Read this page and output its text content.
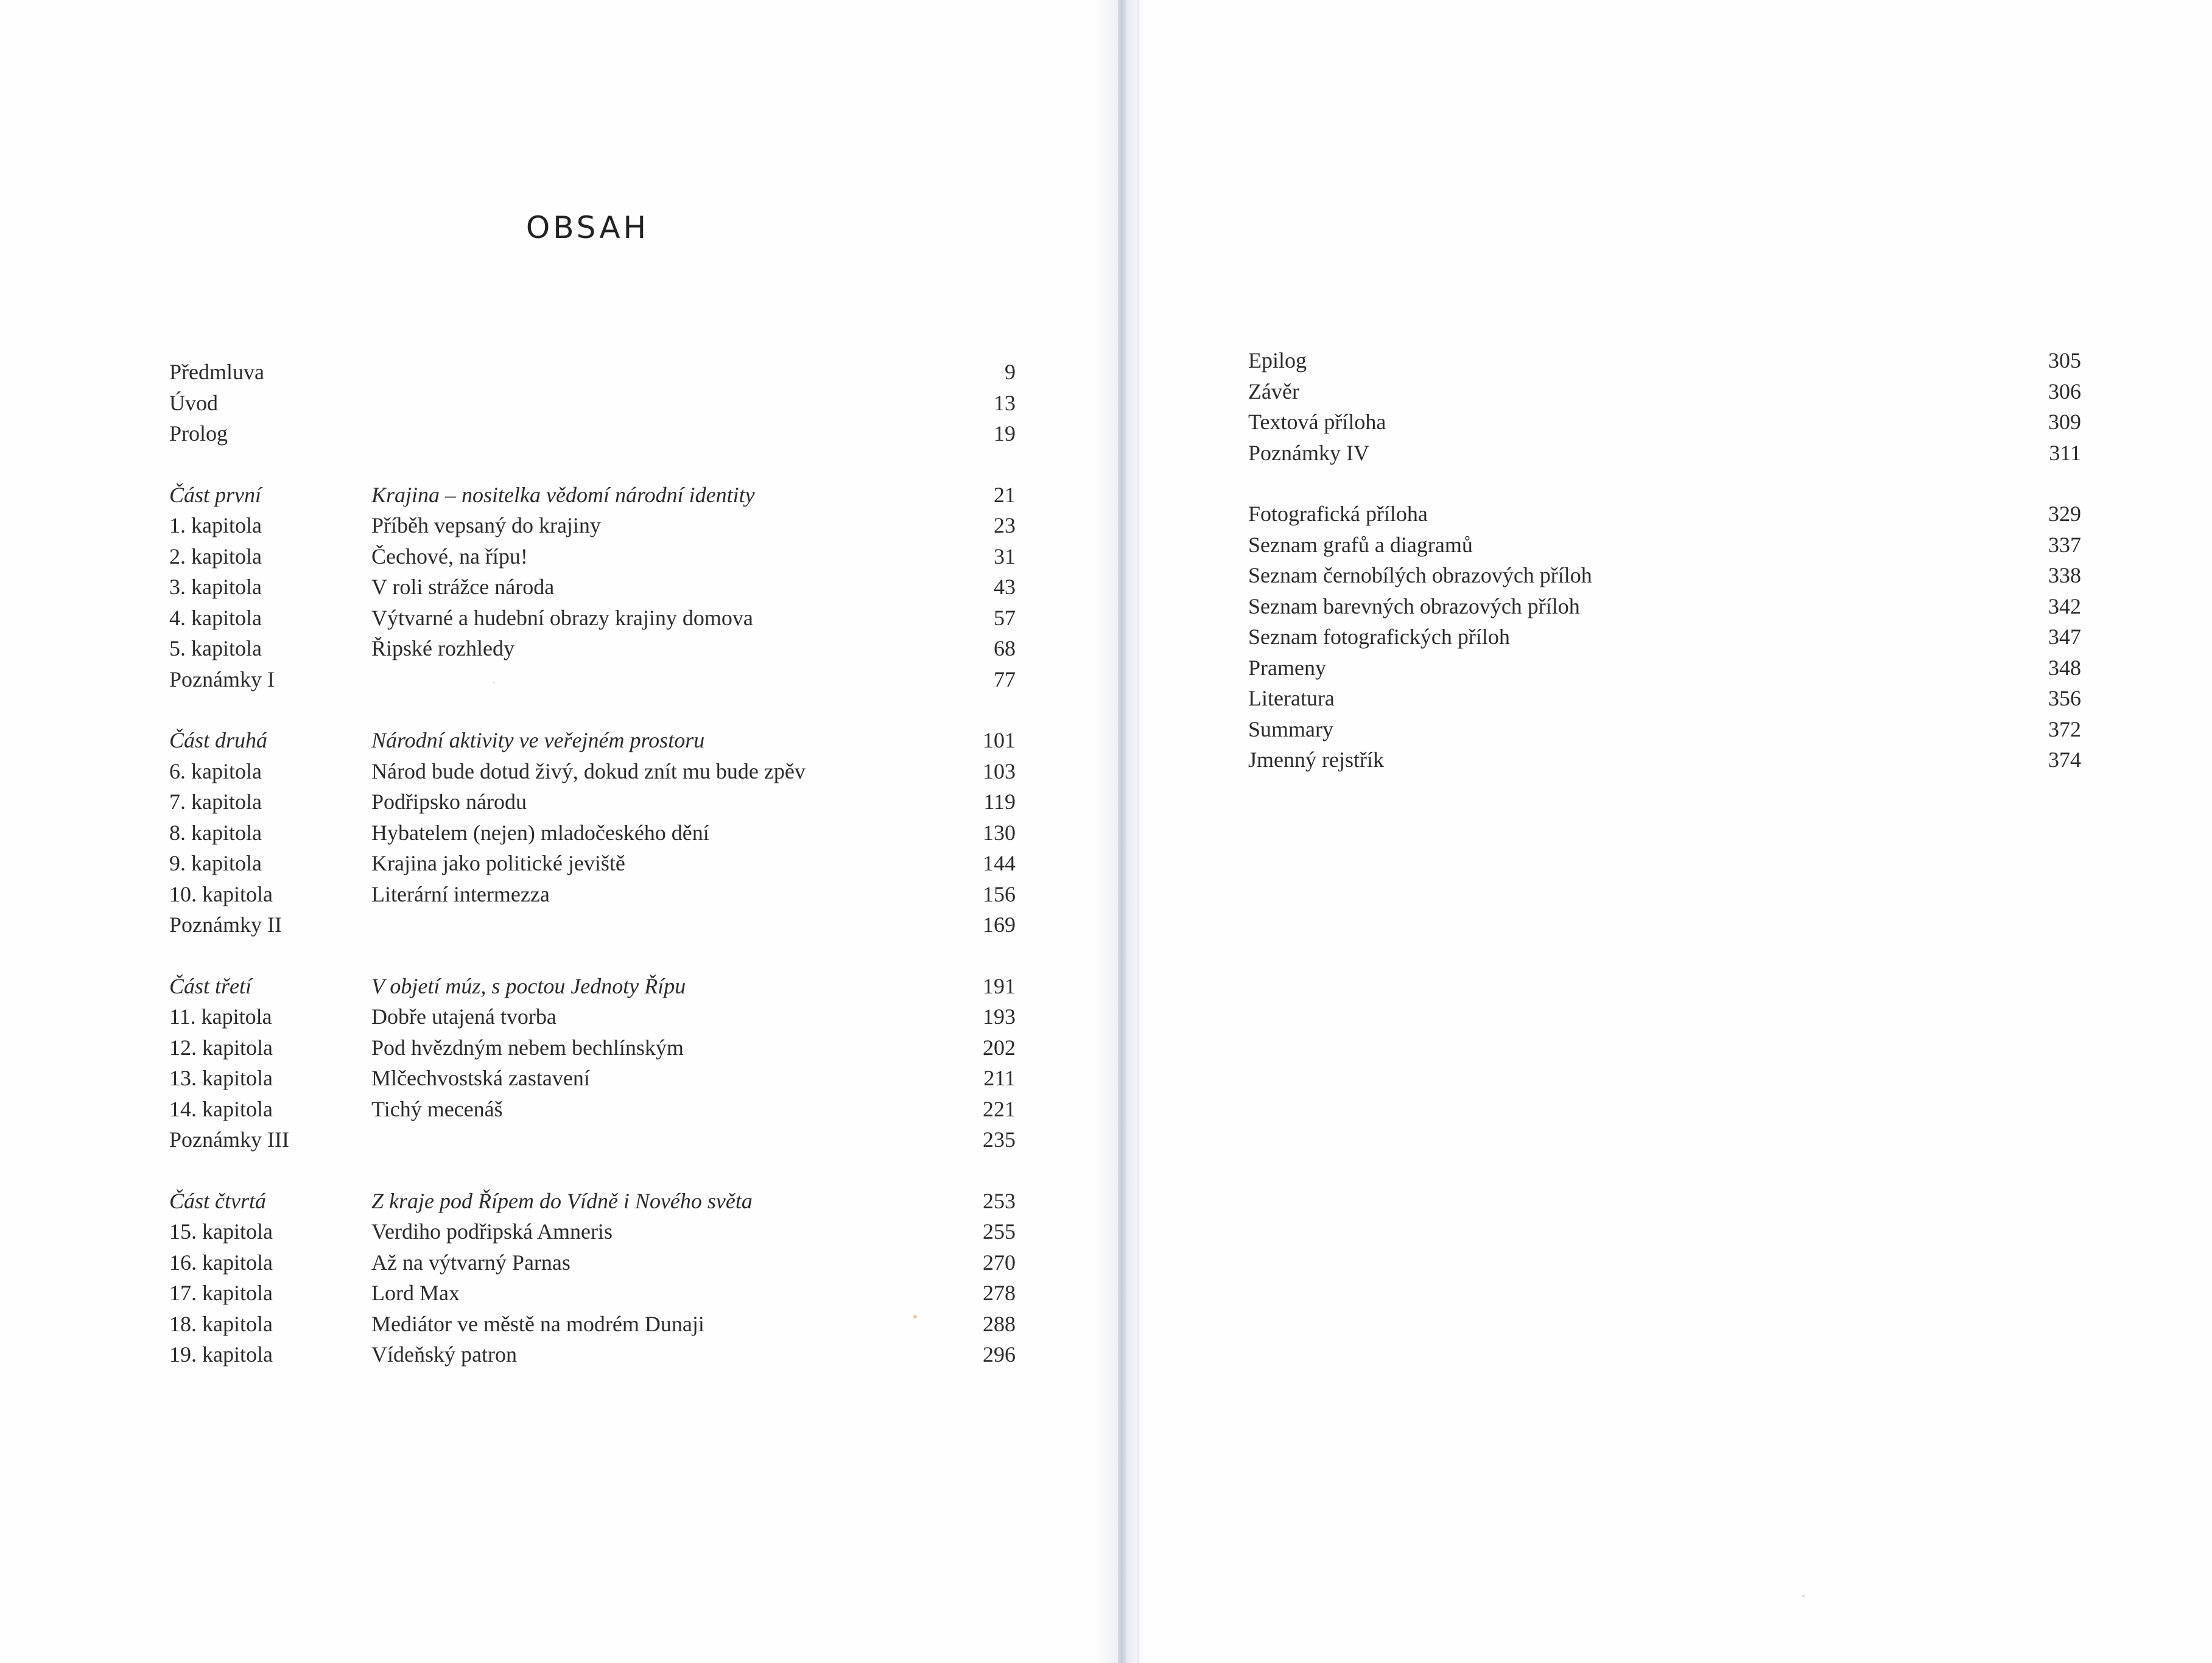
OBSAH
Předmluva	9
Úvod	13
Prolog	19
Část první	Krajina – nositelka vědomí národní identity	21
1. kapitola	Příběh vepsaný do krajiny	23
2. kapitola	Čechové, na řípu!	31
3. kapitola	V roli strážce národa	43
4. kapitola	Výtvarné a hudební obrazy krajiny domova	57
5. kapitola	Řipské rozhledy	68
Poznámky I	77
Část druhá	Národní aktivity ve veřejném prostoru	101
6. kapitola	Národ bude dotud živý, dokud znít mu bude zpěv	103
7. kapitola	Podřipsko národu	119
8. kapitola	Hybatelem (nejen) mladočeského dění	130
9. kapitola	Krajina jako politické jeviště	144
10. kapitola	Literární intermezza	156
Poznámky II	169
Část třetí	V objetí múz, s poctou Jednoty Řípu	191
11. kapitola	Dobře utajená tvorba	193
12. kapitola	Pod hvězdným nebem bechlínským	202
13. kapitola	Mlčechvostská zastavení	211
14. kapitola	Tichý mecenáš	221
Poznámky III	235
Část čtvrtá	Z kraje pod Řípem do Vídně i Nového světa	253
15. kapitola	Verdiho podřipská Amneris	255
16. kapitola	Až na výtvarný Parnas	270
17. kapitola	Lord Max	278
18. kapitola	Mediátor ve městě na modrém Dunaji	288
19. kapitola	Vídeňský patron	296
Epilog	305
Závěr	306
Textová příloha	309
Poznámky IV	311
Fotografická příloha	329
Seznam grafů a diagramů	337
Seznam černobílých obrazových příloh	338
Seznam barevných obrazových příloh	342
Seznam fotografických příloh	347
Prameny	348
Literatura	356
Summary	372
Jmenný rejstřík	374
